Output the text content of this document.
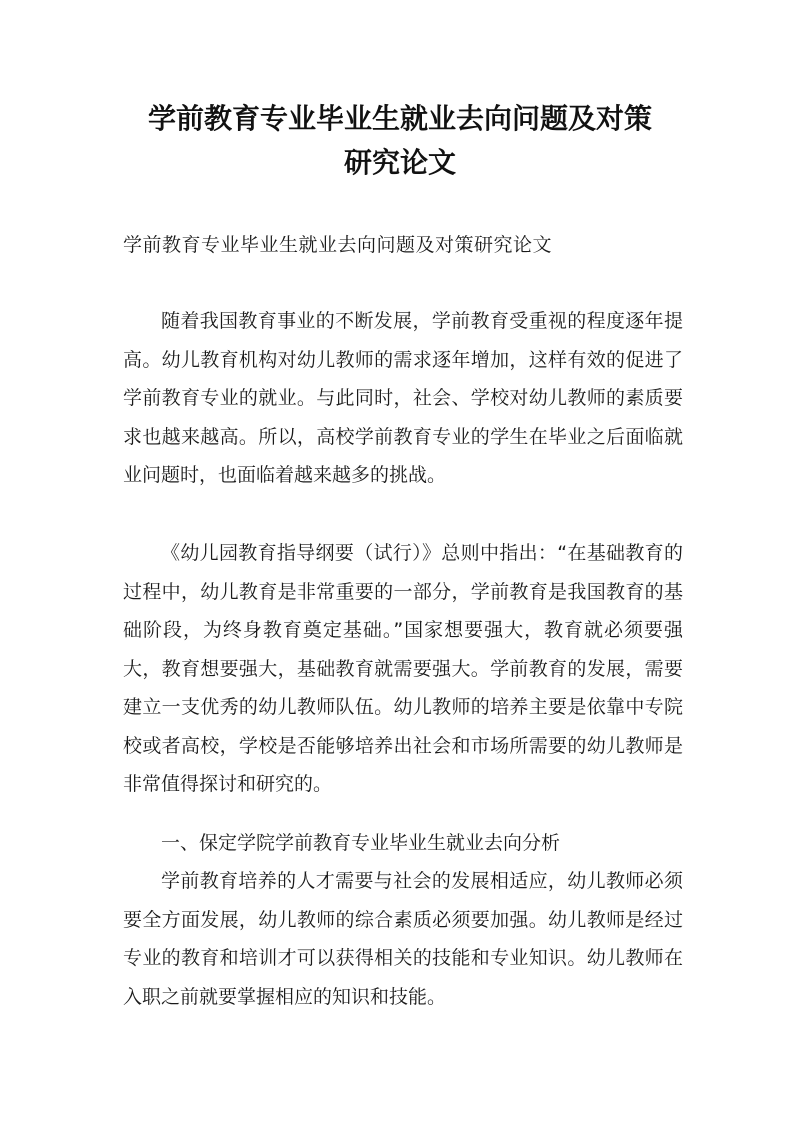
学前教育专业毕业生就业去向问题及对策
研究论文
学前教育专业毕业生就业去向问题及对策研究论文
随着我国教育事业的不断发展，学前教育受重视的程度逐年提高。幼儿教育机构对幼儿教师的需求逐年增加，这样有效的促进了学前教育专业的就业。与此同时，社会、学校对幼儿教师的素质要求也越来越高。所以，高校学前教育专业的学生在毕业之后面临就业问题时，也面临着越来越多的挑战。
《幼儿园教育指导纲要（试行）》总则中指出：“在基础教育的过程中，幼儿教育是非常重要的一部分，学前教育是我国教育的基础阶段，为终身教育奠定基础。”国家想要强大，教育就必须要强大，教育想要强大，基础教育就需要强大。学前教育的发展，需要建立一支优秀的幼儿教师队伍。幼儿教师的培养主要是依靠中专院校或者高校，学校是否能够培养出社会和市场所需要的幼儿教师是非常值得探讨和研究的。
一、保定学院学前教育专业毕业生就业去向分析
学前教育培养的人才需要与社会的发展相适应，幼儿教师必须要全方面发展，幼儿教师的综合素质必须要加强。幼儿教师是经过专业的教育和培训才可以获得相关的技能和专业知识。幼儿教师在入职之前就要掌握相应的知识和技能。
